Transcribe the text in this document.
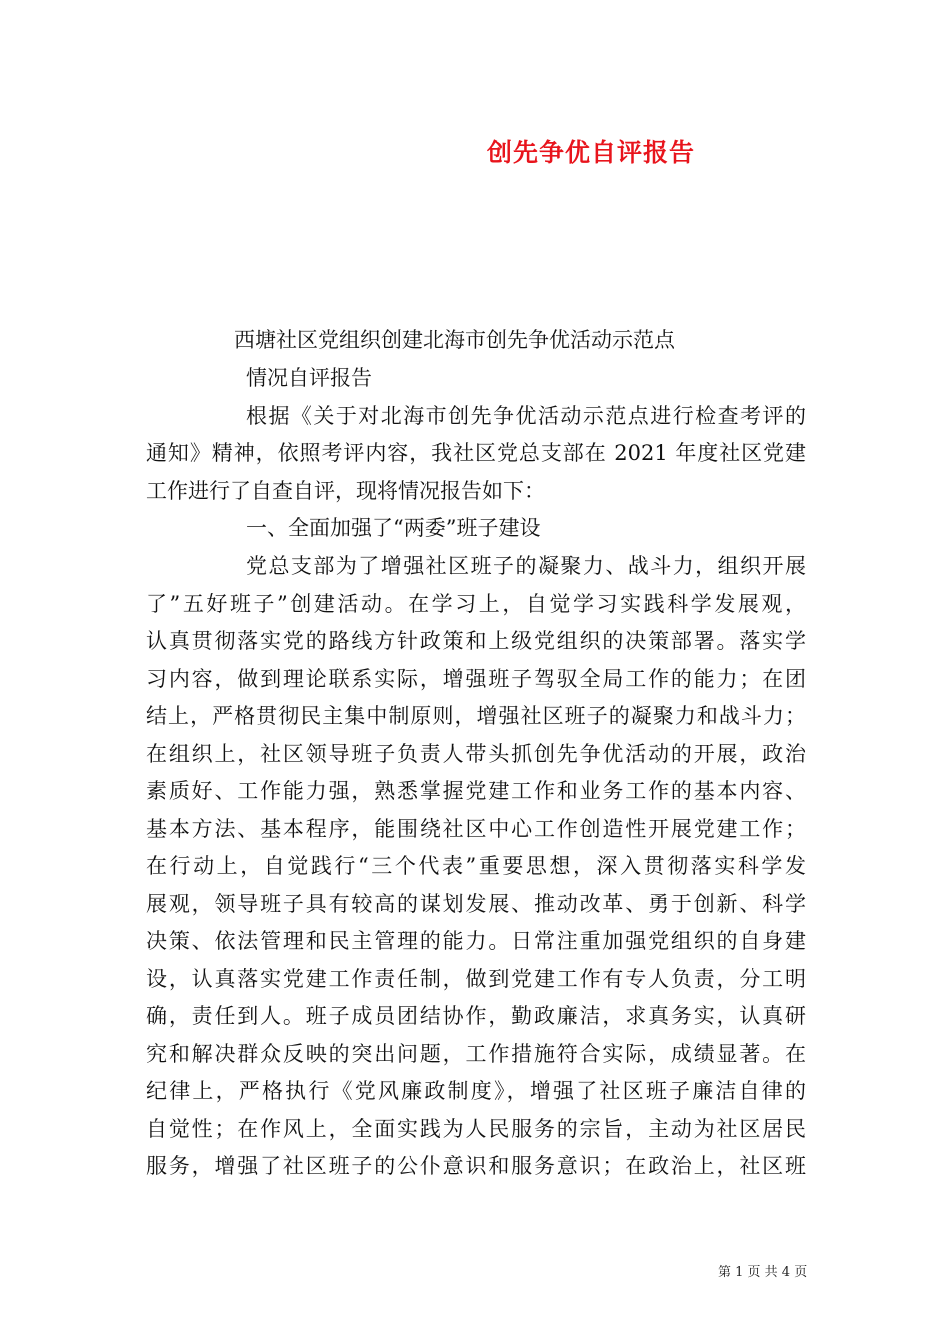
创先争优自评报告
西塘社区党组织创建北海市创先争优活动示范点
情况自评报告
根据《关于对北海市创先争优活动示范点进行检查考评的
通知》精神，依照考评内容，我社区党总支部在 2021 年度社区党建
工作进行了自查自评，现将情况报告如下：
一、全面加强了“两委”班子建设
党总支部为了增强社区班子的凝聚力、战斗力，组织开展
了”五好班子”创建活动。在学习上，自觉学习实践科学发展观，
认真贯彻落实党的路线方针政策和上级党组织的决策部署。落实学
习内容，做到理论联系实际，增强班子驾驭全局工作的能力；在团
结上，严格贯彻民主集中制原则，增强社区班子的凝聚力和战斗力；
在组织上，社区领导班子负责人带头抓创先争优活动的开展，政治
素质好、工作能力强，熟悉掌握党建工作和业务工作的基本内容、
基本方法、基本程序，能围绕社区中心工作创造性开展党建工作；
在行动上，自觉践行“三个代表”重要思想，深入贯彻落实科学发
展观，领导班子具有较高的谋划发展、推动改革、勇于创新、科学
决策、依法管理和民主管理的能力。日常注重加强党组织的自身建
设，认真落实党建工作责任制，做到党建工作有专人负责，分工明
确，责任到人。班子成员团结协作，勤政廉洁，求真务实，认真研
究和解决群众反映的突出问题，工作措施符合实际，成绩显著。在
纪律上，严格执行《党风廉政制度》，增强了社区班子廉洁自律的
自觉性；在作风上，全面实践为人民服务的宗旨，主动为社区居民
服务，增强了社区班子的公仆意识和服务意识；在政治上，社区班
第 1 页 共 4 页
